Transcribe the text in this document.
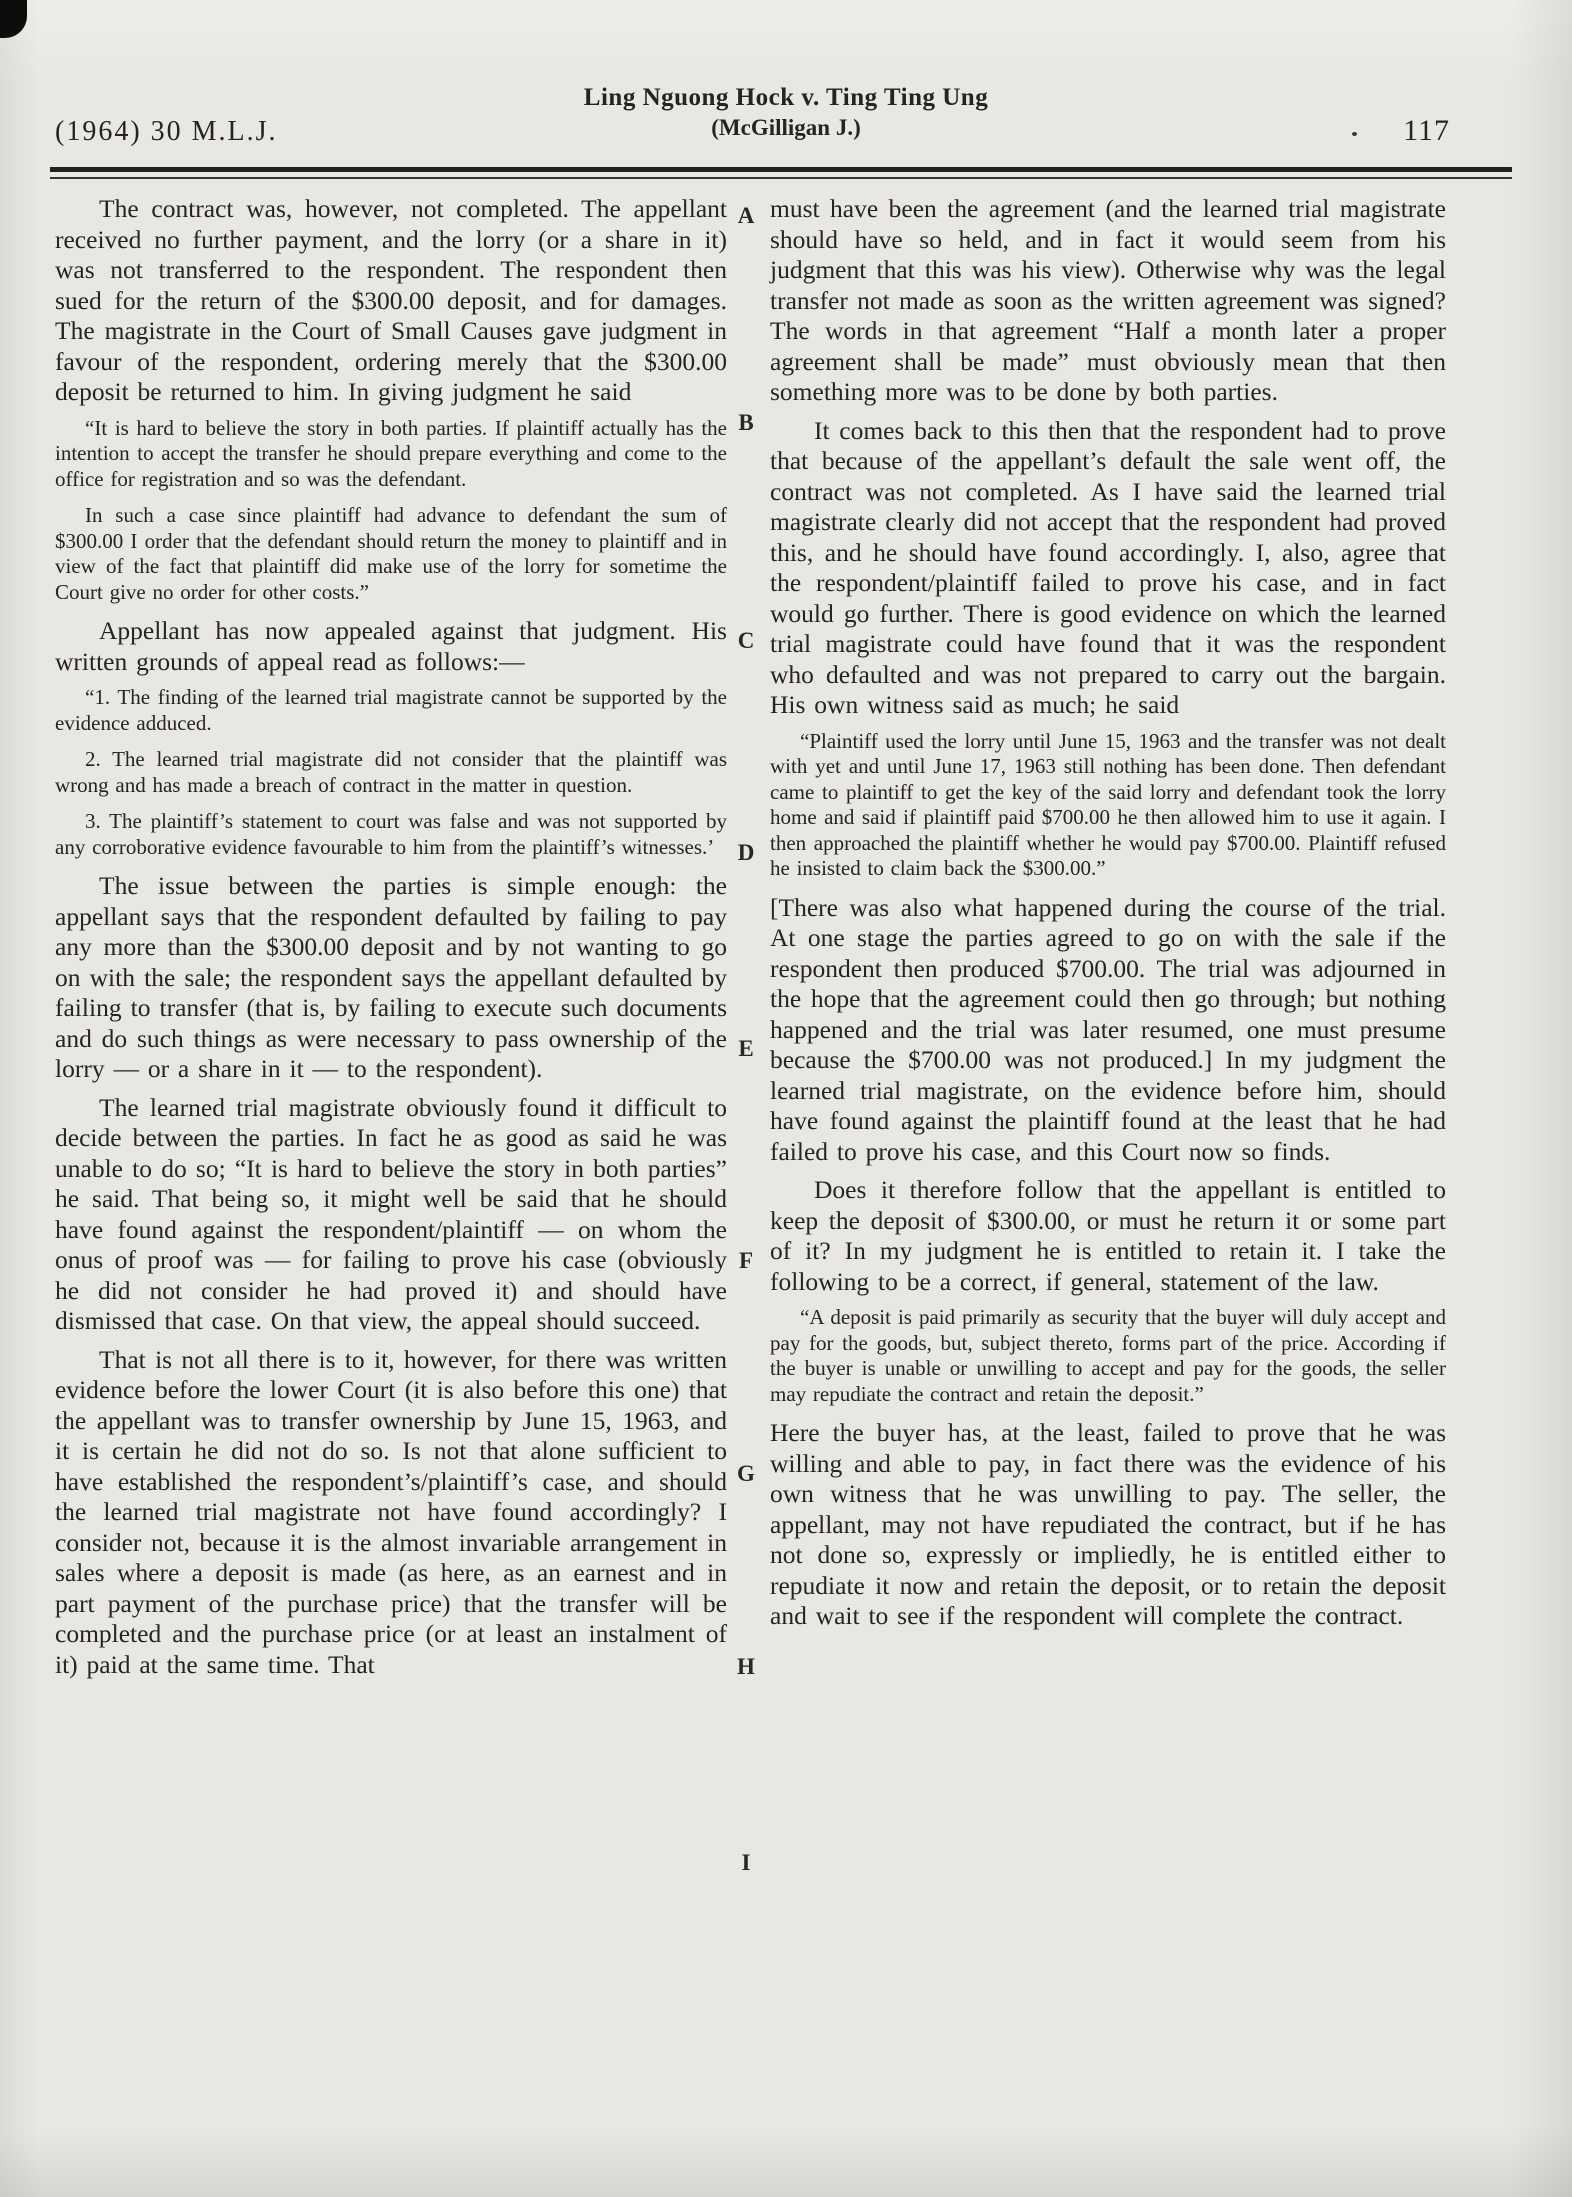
(1964) 30 M.L.J.
Ling Nguong Hock v. Ting Ting Ung
(McGilligan J.)	117

The contract was, however, not completed. The appellant received no further payment, and the lorry (or a share in it) was not transferred to the respondent. The respondent then sued for the return of the $300.00 deposit, and for damages. The magistrate in the Court of Small Causes gave judgment in favour of the respondent, ordering merely that the $300.00 deposit be returned to him. In giving judgment he said

“It is hard to believe the story in both parties. If plaintiff actually has the intention to accept the transfer he should prepare everything and come to the office for registration and so was the defendant.

In such a case since plaintiff had advance to defendant the sum of $300.00 I order that the defendant should return the money to plaintiff and in view of the fact that plaintiff did make use of the lorry for sometime the Court give no order for other costs.”

Appellant has now appealed against that judgment. His written grounds of appeal read as follows:—

“1. The finding of the learned trial magistrate cannot be supported by the evidence adduced.

2. The learned trial magistrate did not consider that the plaintiff was wrong and has made a breach of contract in the matter in question.

3. The plaintiff’s statement to court was false and was not supported by any corroborative evidence favourable to him from the plaintiff’s witnesses.’

The issue between the parties is simple enough: the appellant says that the respondent defaulted by failing to pay any more than the $300.00 deposit and by not wanting to go on with the sale; the respondent says the appellant defaulted by failing to transfer (that is, by failing to execute such documents and do such things as were necessary to pass ownership of the lorry — or a share in it — to the respondent).

The learned trial magistrate obviously found it difficult to decide between the parties. In fact he as good as said he was unable to do so; “It is hard to believe the story in both parties” he said. That being so, it might well be said that he should have found against the respondent/plaintiff — on whom the onus of proof was — for failing to prove his case (obviously he did not consider he had proved it) and should have dismissed that case. On that view, the appeal should succeed.

That is not all there is to it, however, for there was written evidence before the lower Court (it is also before this one) that the appellant was to transfer ownership by June 15, 1963, and it is certain he did not do so. Is not that alone sufficient to have established the respondent’s/plaintiff’s case, and should the learned trial magistrate not have found accordingly? I consider not, because it is the almost invariable arrangement in sales where a deposit is made (as here, as an earnest and in part payment of the purchase price) that the transfer will be completed and the purchase price (or at least an instalment of it) paid at the same time. That

must have been the agreement (and the learned trial magistrate should have so held, and in fact it would seem from his judgment that this was his view). Otherwise why was the legal transfer not made as soon as the written agreement was signed? The words in that agreement “Half a month later a proper agreement shall be made” must obviously mean that then something more was to be done by both parties.

It comes back to this then that the respondent had to prove that because of the appellant’s default the sale went off, the contract was not completed. As I have said the learned trial magistrate clearly did not accept that the respondent had proved this, and he should have found accordingly. I, also, agree that the respondent/plaintiff failed to prove his case, and in fact would go further. There is good evidence on which the learned trial magistrate could have found that it was the respondent who defaulted and was not prepared to carry out the bargain. His own witness said as much; he said

“Plaintiff used the lorry until June 15, 1963 and the transfer was not dealt with yet and until June 17, 1963 still nothing has been done. Then defendant came to plaintiff to get the key of the said lorry and defendant took the lorry home and said if plaintiff paid $700.00 he then allowed him to use it again. I then approached the plaintiff whether he would pay $700.00. Plaintiff refused he insisted to claim back the $300.00.”

[There was also what happened during the course of the trial. At one stage the parties agreed to go on with the sale if the respondent then produced $700.00. The trial was adjourned in the hope that the agreement could then go through; but nothing happened and the trial was later resumed, one must presume because the $700.00 was not produced.] In my judgment the learned trial magistrate, on the evidence before him, should have found against the plaintiff found at the least that he had failed to prove his case, and this Court now so finds.

Does it therefore follow that the appellant is entitled to keep the deposit of $300.00, or must he return it or some part of it? In my judgment he is entitled to retain it. I take the following to be a correct, if general, statement of the law.

“A deposit is paid primarily as security that the buyer will duly accept and pay for the goods, but, subject thereto, forms part of the price. According if the buyer is unable or unwilling to accept and pay for the goods, the seller may repudiate the contract and retain the deposit.”

Here the buyer has, at the least, failed to prove that he was willing and able to pay, in fact there was the evidence of his own witness that he was unwilling to pay. The seller, the appellant, may not have repudiated the contract, but if he has not done so, expressly or impliedly, he is entitled either to repudiate it now and retain the deposit, or to retain the deposit and wait to see if the respondent will complete the contract.

A
B
C
D
E
F
G
H
I
